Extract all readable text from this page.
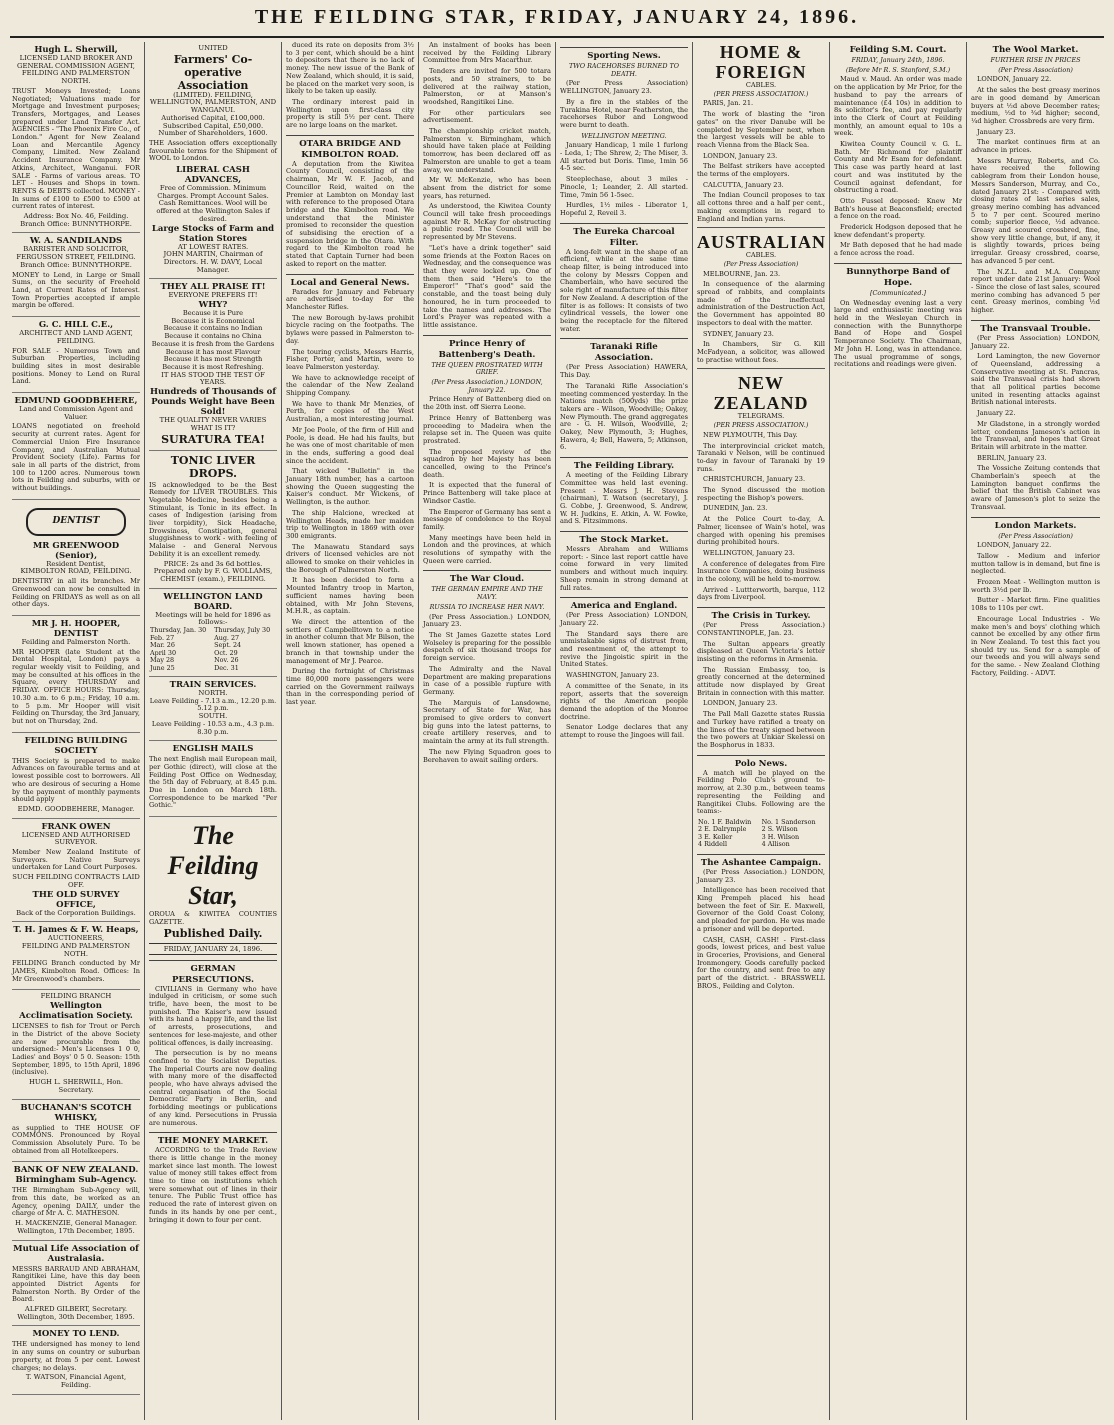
THE FEILDING STAR, FRIDAY, JANUARY 24, 1896.
Hugh L. Sherwill,
LICENSED LAND BROKER AND GENERAL COMMISSION AGENT, FEILDING AND PALMERSTON NORTH.

TRUST Moneys Invested; Loans Negotiated; Valuations made for Mortgage and Investment purposes; Transfers, Mortgages, and Leases prepared under Land Transfer Act. AGENCIES - "The Phoenix Fire Co., of London." Agent for New Zealand Loan and Mercantile Agency Company, Limited. New Zealand Accident Insurance Company. Mr Atkins, Architect, Wanganui. FOR SALE - Farms of various areas. TO LET - Houses and Shops in town. RENTS & DEBTS collected. MONEY - In sums of £100 to £500 to £500 at current rates of interest.

Address: Box No. 46, Feilding. Branch Office: BUNNYTHORPE.
W. A. SANDILANDS
BARRISTER AND SOLICITOR, FERGUSSON STREET, FEILDING.
Branch Office: BUNNYTHORPE.

MONEY to Lend, in Large or Small Sums, on the security of Freehold Land, at Current Rates of Interest. Town Properties accepted if ample margin be offered.

G. C. HILL C.E.,
ARCHITECT AND LAND AGENT, FEILDING.

FOR SALE - Numerous Town and Suburban Properties, including building sites in most desirable positions. Money to Lend on Rural Land.

EDMUND GOODBEHERE,
Land and Commission Agent and Valuer.

LOANS negotiated on freehold security at current rates. Agent for Commercial Union Fire Insurance Company, and Australian Mutual Provident Society (Life). Farms for sale in all parts of the district, from 100 to 1200 acres. Numerous town lots in Feilding and suburbs, with or without buildings.

DENTIST
MR GREENWOOD (Senior),
Resident Dentist,
KIMBOLTON ROAD, FEILDING.

DENTISTRY in all its branches. Mr Greenwood can now be consulted in Feilding on FRIDAYS as well as on all other days.

MR J. H. HOOPER,
DENTIST
Feilding and Palmerston North.

MR HOOPER (late Student at the Dental Hospital, London) pays a regular weekly visit to Feilding, and may be consulted at his offices in the Square, every THURSDAY and FRIDAY. OFFICE HOURS: Thursday, 10.30 a.m. to 6 p.m.; Friday, 10 a.m. to 5 p.m. Mr Hooper will visit Feilding on Thursday, the 3rd January, but not on Thursday, 2nd.

FEILDING BUILDING SOCIETY

THIS Society is prepared to make Advances on favourable terms and at lowest possible cost to borrowers. All who are desirous of securing a Home by the payment of monthly payments should apply

EDMD. GOODBEHERE, Manager.
FRANK OWEN
LICENSED AND AUTHORISED SURVEYOR.

Member New Zealand Institute of Surveyors. Native Surveys undertaken for Land Court Purposes.

SUCH FEILDING CONTRACTS LAID OFF.
THE OLD SURVEY OFFICE,
Back of the Corporation Buildings.
T. H. James & F. W. Heaps,
AUCTIONEERS,
FEILDING AND PALMERSTON NOTH.

FEILDING Branch conducted by Mr JAMES, Kimbolton Road. Offices: In Mr Greenwood's chambers.

FEILDING BRANCH
Wellington Acclimatisation Society.

LICENSES to fish for Trout or Perch in the District of the above Society are now procurable from the undersigned:- Men's Licenses 1 0 0, Ladies' and Boys' 0 5 0. Season: 15th September, 1895, to 15th April, 1896 (inclusive).

HUGH L. SHERWILL, Hon. Secretary.
BUCHANAN'S SCOTCH WHISKY,

as supplied to THE HOUSE OF COMMONS. Pronounced by Royal Commission Absolutely Pure. To be obtained from all Hotelkeepers.

BANK OF NEW ZEALAND.
Birmingham Sub-Agency.

THE Birmingham Sub-Agency will, from this date, be worked as an Agency, opening DAILY, under the charge of Mr A. C. MATHESON.

H. MACKENZIE, General Manager. Wellington, 17th December, 1895.
Mutual Life Association of Australasia.

MESSRS BARRAUD AND ABRAHAM, Rangitikei Line, have this day been appointed District Agents for Palmerston North. By Order of the Board.

ALFRED GILBERT, Secretary. Wellington, 30th December, 1895.
MONEY TO LEND.

THE undersigned has money to lend in any sums on country or suburban property, at from 5 per cent. Lowest charges; no delays.

T. WATSON, Financial Agent, Feilding.
UNITED
Farmers' Co-operative Association
(LIMITED). FEILDING, WELLINGTON, PALMERSTON, AND WANGANUI.
Authorised Capital, £100,000. Subscribed Capital, £50,000. Number of Shareholders, 1600.

THE Association offers exceptionally favourable terms for the Shipment of WOOL to London.

LIBERAL CASH ADVANCES,
Free of Commission. Minimum Charges. Prompt Account Sales. Cash Remittances. Wool will be offered at the Wellington Sales if desired.
Large Stocks of Farm and Station Stores
AT LOWEST RATES.
JOHN MARTIN, Chairman of Directors. H. W. DAVY, Local Manager.
THEY ALL PRAISE IT!
EVERYONE PREFERS IT!
WHY?
Because it is Pure
Because it is Economical
Because it contains no Indian
Because it contains no China
Because it is fresh from the Gardens
Because it has most Flavour
Because it has most Strength
Because it is most Refreshing.
IT HAS STOOD THE TEST OF YEARS.
Hundreds of Thousands of Pounds Weight have Been Sold!
THE QUALITY NEVER VARIES
WHAT IS IT?
SURATURA TEA!
TONIC LIVER DROPS.

IS acknowledged to be the Best Remedy for LIVER TROUBLES. This Vegetable Medicine, besides being a Stimulant, is Tonic in its effect. In cases of Indigestion (arising from liver torpidity), Sick Headache, Drowsiness, Constipation, general sluggishness to work - with feeling of Malaise - and General Nervous Debility it is an excellent remedy.

PRICE: 2s and 3s 6d bottles.
Prepared only by F. G. WOLLAMS, CHEMIST (exam.), FEILDING.
WELLINGTON LAND BOARD.
Meetings will be held for 1896 as follows:-
Thursday, Jan. 30	Thursday, July 30
Feb. 27	Aug. 27
Mar. 26	Sept. 24
April 30	Oct. 29
May 28	Nov. 26
June 25	Dec. 31
TRAIN SERVICES.
NORTH.
Leave Feilding - 7.13 a.m., 12.20 p.m.
5.12 p.m.
SOUTH.
Leave Feilding - 10.53 a.m., 4.3 p.m.
8.30 p.m.
ENGLISH MAILS

The next English mail European mail, per Gothic (direct), will close at the Feilding Post Office on Wednesday, the 5th day of February, at 8.45 p.m. Due in London on March 18th. Correspondence to be marked "Per Gothic."

The Feilding Star,
OROUA & KIWITEA COUNTIES GAZETTE.
Published Daily.
FRIDAY, JANUARY 24, 1896.
GERMAN PERSECUTIONS.

CIVILIANS in Germany who have indulged in criticism, or some such trifle, have been, the most to be punished. The Kaiser's new issued with its hand a happy life, and the list of arrests, prosecutions, and sentences for lese-majeste, and other political offences, is daily increasing.

The persecution is by no means confined to the Socialist Deputies. The Imperial Courts are now dealing with many more of the disaffected people, who have always advised the central organisation of the Social Democratic Party in Berlin, and forbidding meetings or publications of any kind. Persecutions in Prussia are numerous.

THE MONEY MARKET.

ACCORDING to the Trade Review there is little change in the money market since last month. The lowest value of money still takes effect from time to time on institutions which were somewhat out of lines in their tenure. The Public Trust office has reduced the rate of interest given on funds in its hands by one per cent., bringing it down to four per cent.

duced its rate on deposits from 3½ to 3 per cent, which should be a hint to depositors that there is no lack of money. The new issue of the Bank of New Zealand, which should, it is said, be placed on the market very soon, is likely to be taken up easily.

The ordinary interest paid in Wellington upon first-class city property is still 5½ per cent. There are no large loans on the market.

OTARA BRIDGE AND KIMBOLTON ROAD.

A deputation from the Kiwitea County Council, consisting of the chairman, Mr W. F. Jacob, and Councillor Reid, waited on the Premier at Lambton on Monday last with reference to the proposed Otara bridge and the Kimbolton road. We understand that the Minister promised to reconsider the question of subsidising the erection of a suspension bridge in the Otara. With regard to the Kimbolton road he stated that Captain Turner had been asked to report on the matter.

Local and General News.

Parades for January and February are advertised to-day for the Manchester Rifles.

The new Borough by-laws prohibit bicycle racing on the footpaths. The bylaws were passed in Palmerston to-day.

The touring cyclists, Messrs Harris, Fisher, Porter, and Martin, were to leave Palmerston yesterday.

We have to acknowledge receipt of the calendar of the New Zealand Shipping Company.

We have to thank Mr Menzies, of Perth, for copies of the West Australian, a most interesting journal.

Mr Joe Poole, of the firm of Hill and Poole, is dead. He had his faults, but he was one of most charitable of men in the ends, suffering a good deal since the accident.

That wicked "Bulletin" in the January 18th number, has a cartoon showing the Queen suggesting the Kaiser's conduct. Mr Wickens, of Wellington, is the author.

The ship Halcione, wrecked at Wellington Heads, made her maiden trip to Wellington in 1869 with over 300 emigrants.

The Manawatu Standard says drivers of licensed vehicles are not allowed to smoke on their vehicles in the Borough of Palmerston North.

It has been decided to form a Mounted Infantry troop in Marton, sufficient names having been obtained, with Mr John Stevens, M.H.R., as captain.

We direct the attention of the settlers of Campbelltown to a notice in another column that Mr Bilson, the well known stationer, has opened a branch in that township under the management of Mr J. Pearce.

During the fortnight of Christmas time 80,000 more passengers were carried on the Government railways than in the corresponding period of last year.

An instalment of books has been received by the Feilding Library Committee from Mrs Macarthur.

Tenders are invited for 500 totara posts, and 50 strainers, to be delivered at the railway station, Palmerston, or at Manson's woodshed, Rangitikei Line.

For other particulars see advertisement.

The championship cricket match, Palmerston v. Birmingham, which should have taken place at Feilding tomorrow, has been declared off as Palmerston are unable to get a team away, we understand.

Mr W. McKenzie, who has been absent from the district for some years, has returned.

As understood, the Kiwitea County Council will take fresh proceedings against Mr R. McKay for obstructing a public road. The Council will be represented by Mr Stevens.

"Let's have a drink together" said some friends at the Foxton Races on Wednesday, and the consequence was that they were locked up. One of them then said "Here's to the Emperor!" "That's good" said the constable, and the toast being duly honoured, he in turn proceeded to take the names and addresses. The Lord's Prayer was repeated with a little assistance.

Prince Henry of Battenberg's Death.
THE QUEEN PROSTRATED WITH GRIEF.
(Per Press Association.) LONDON, January 22.

Prince Henry of Battenberg died on the 20th inst. off Sierra Leone.

Prince Henry of Battenberg was proceeding to Madeira when the relapse set in. The Queen was quite prostrated.

The proposed review of the squadron by her Majesty has been cancelled, owing to the Prince's death.

It is expected that the funeral of Prince Battenberg will take place at Windsor Castle.

The Emperor of Germany has sent a message of condolence to the Royal family.

Many meetings have been held in London and the provinces, at which resolutions of sympathy with the Queen were carried.

The War Cloud.
THE GERMAN EMPIRE AND THE NAVY.
RUSSIA TO INCREASE HER NAVY.

(Per Press Association.) LONDON, January 23.

The St James Gazette states Lord Wolseley is preparing for the possible despatch of six thousand troops for foreign service.

The Admiralty and the Naval Department are making preparations in case of a possible rupture with Germany.

The Marquis of Lansdowne, Secretary of State for War, has promised to give orders to convert big guns into the latest patterns, to create artillery reserves, and to maintain the army at its full strength.

The new Flying Squadron goes to Berehaven to await sailing orders.

Sporting News.
TWO RACEHORSES BURNED TO DEATH.

(Per Press Association) WELLINGTON, January 23.

By a fire in the stables of the Turakina Hotel, near Featherston, the racehorses Rubor and Longwood were burnt to death.

WELLINGTON MEETING.

January Handicap, 1 mile 1 furlong - Leda, 1; The Shrew, 2; The Miser, 3. All started but Doris. Time, 1min 56 4-5 sec.

Steeplechase, about 3 miles - Pinocle, 1; Leander, 2. All started. Time, 7min 56 1-5sec.

Hurdles, 1½ miles - Liberator 1, Hopeful 2, Reveil 3.

The Eureka Charcoal Filter.

A long-felt want in the shape of an efficient, while at the same time cheap filter, is being introduced into the colony by Messrs Coppen and Chamberlain, who have secured the sole right of manufacture of this filter for New Zealand. A description of the filter is as follows: It consists of two cylindrical vessels, the lower one being the receptacle for the filtered water.

Taranaki Rifle Association.

(Per Press Association) HAWERA, This Day.

The Taranaki Rifle Association's meeting commenced yesterday. In the Nations match (500yds) the prize takers are - Wilson, Woodville; Oakey, New Plymouth. The grand aggregates are - G. H. Wilson, Woodville, 2; Oakey, New Plymouth, 3; Hughes, Hawera, 4; Bell, Hawera, 5; Atkinson, 6.

The Feilding Library.

A meeting of the Feilding Library Committee was held last evening. Present - Messrs J. H. Stevens (chairman), T. Watson (secretary), J. G. Cobbe, J. Greenwood, S. Andrew, W. H. Judkins, E. Atkin, A. W. Fowke, and S. Fitzsimmons.

The Stock Market.

Messrs Abraham and Williams report: - Since last report cattle have come forward in very limited numbers and without much inquiry. Sheep remain in strong demand at full rates.

America and England.

(Per Press Association) LONDON, January 22.

The Standard says there are unmistakable signs of distrust from, and resentment of, the attempt to revive the Jingoistic spirit in the United States.

WASHINGTON, January 23.

A committee of the Senate, in its report, asserts that the sovereign rights of the American people demand the adoption of the Monroe doctrine.

Senator Lodge declares that any attempt to rouse the Jingoes will fail.

HOME & FOREIGN
CABLES.
(PER PRESS ASSOCIATION.)

PARIS, Jan. 21.

The work of blasting the "iron gates" on the river Danube will be completed by September next, when the largest vessels will be able to reach Vienna from the Black Sea.

LONDON, January 23.

The Belfast strikers have accepted the terms of the employers.

CALCUTTA, January 23.

The Indian Council proposes to tax all cottons three and a half per cent., making exemptions in regard to England and Indian yarns.

AUSTRALIAN
CABLES.
(Per Press Association)

MELBOURNE, Jan. 23.

In consequence of the alarming spread of rabbits, and complaints made of the ineffectual administration of the Destruction Act, the Government has appointed 80 inspectors to deal with the matter.

SYDNEY, January 23.

In Chambers, Sir G. Kill McFadyean, a solicitor, was allowed to practise without fees.

NEW ZEALAND
TELEGRAMS.
(PER PRESS ASSOCIATION.)

NEW PLYMOUTH, This Day.

The interprovincial cricket match, Taranaki v Nelson, will be continued to-day in favour of Taranaki by 19 runs.

CHRISTCHURCH, January 23.

The Synod discussed the motion respecting the Bishop's powers.

DUNEDIN, Jan. 23.

At the Police Court to-day, A. Palmer, licensee of Wain's hotel, was charged with opening his premises during prohibited hours.

WELLINGTON, January 23.

A conference of delegates from Fire Insurance Companies, doing business in the colony, will be held to-morrow.

Arrived - Luttterworth, barque, 112 days from Liverpool.

The Crisis in Turkey.

(Per Press Association.) CONSTANTINOPLE, Jan. 23.

The Sultan appears greatly displeased at Queen Victoria's letter insisting on the reforms in Armenia.

The Russian Embassy, too, is greatly concerned at the determined attitude now displayed by Great Britain in connection with this matter.

LONDON, January 23.

The Pall Mall Gazette states Russia and Turkey have ratified a treaty on the lines of the treaty signed between the two powers at Unkiar Skelessi on the Bosphorus in 1833.

Polo News.

A match will be played on the Feilding Polo Club's ground to-morrow, at 2.30 p.m., between teams representing the Feilding and Rangitikei Clubs. Following are the teams:-

No. 1 F. Baldwin	No. 1 Sanderson
2 E. Dalrymple	2 S. Wilson
3 E. Keller	3 H. Wilson
4 Riddell	4 Allison
The Ashantee Campaign.

(Per Press Association.) LONDON, January 23.

Intelligence has been received that King Prempeh placed his head between the feet of Sir. E. Maxwell, Governor of the Gold Coast Colony, and pleaded for pardon. He was made a prisoner and will be deported.

CASH, CASH, CASH! - First-class goods, lowest prices, and best value in Groceries, Provisions, and General Ironmongery. Goods carefully packed for the country, and sent free to any part of the district. - BRASSWELL BROS., Feilding and Colyton.

Feilding S.M. Court.
FRIDAY, January 24th, 1896.
(Before Mr R. S. Stanford, S.M.)

Maud v. Maud. An order was made on the application by Mr Prior, for the husband to pay the arrears of maintenance (£4 10s) in addition to 8s solicitor's fee, and pay regularly into the Clerk of Court at Feilding monthly, an amount equal to 10s a week.

Kiwitea County Council v. G. L. Bath. Mr Richmond for plaintiff County and Mr Esam for defendant. This case was partly heard at last court and was instituted by the Council against defendant, for obstructing a road.

Otto Fussel deposed: Knew Mr Bath's house at Beaconsfield; erected a fence on the road.

Frederick Hodgson deposed that he knew defendant's property.

Mr Bath deposed that he had made a fence across the road.

Bunnythorpe Band of Hope.
[Communicated.]

On Wednesday evening last a very large and enthusiastic meeting was held in the Wesleyan Church in connection with the Bunnythorpe Band of Hope and Gospel Temperance Society. The Chairman, Mr John H. Long, was in attendance. The usual programme of songs, recitations and readings were given.

The Wool Market.
FURTHER RISE IN PRICES
(Per Press Association)

LONDON, January 22.

At the sales the best greasy merinos are in good demand by American buyers at ½d above December rates; medium, ½d to ¾d higher; second, ¼d higher. Crossbreds are very firm.

January 23.

The market continues firm at an advance in prices.

Messrs Murray, Roberts, and Co. have received the following cablegram from their London house, Messrs Sanderson, Murray, and Co., dated January 21st: - Compared with closing rates of last series sales, greasy merino combing has advanced 5 to 7 per cent. Scoured merino comb; superior fleece, ½d advance. Greasy and scoured crossbred, fine, show very little change, but, if any, it is slightly towards, prices being irregular. Greasy crossbred, coarse, has advanced 5 per cent.

The N.Z.L. and M.A. Company report under date 21st January: Wool - Since the close of last sales, scoured merino combing has advanced 5 per cent. Greasy merinos, combing ½d higher.

The Transvaal Trouble.

(Per Press Association) LONDON, January 22.

Lord Lamington, the new Governor of Queensland, addressing a Conservative meeting at St. Pancras, said the Transvaal crisis had shown that all political parties become united in resenting attacks against British national interests.

January 22.

Mr Gladstone, in a strongly worded letter, condemns Jameson's action in the Transvaal, and hopes that Great Britain will arbitrate in the matter.

BERLIN, January 23.

The Vossiche Zeitung contends that Chamberlain's speech at the Lamington banquet confirms the belief that the British Cabinet was aware of Jameson's plot to seize the Transvaal.

London Markets.
(Per Press Association)

LONDON, January 22.

Tallow - Medium and inferior mutton tallow is in demand, but fine is neglected.

Frozen Meat - Wellington mutton is worth 3½d per lb.

Butter - Market firm. Fine qualities 108s to 110s per cwt.

Encourage Local Industries - We make men's and boys' clothing which cannot be excelled by any other firm in New Zealand. To test this fact you should try us. Send for a sample of our tweeds and you will always send for the same. - New Zealand Clothing Factory, Feilding. - ADVT.
